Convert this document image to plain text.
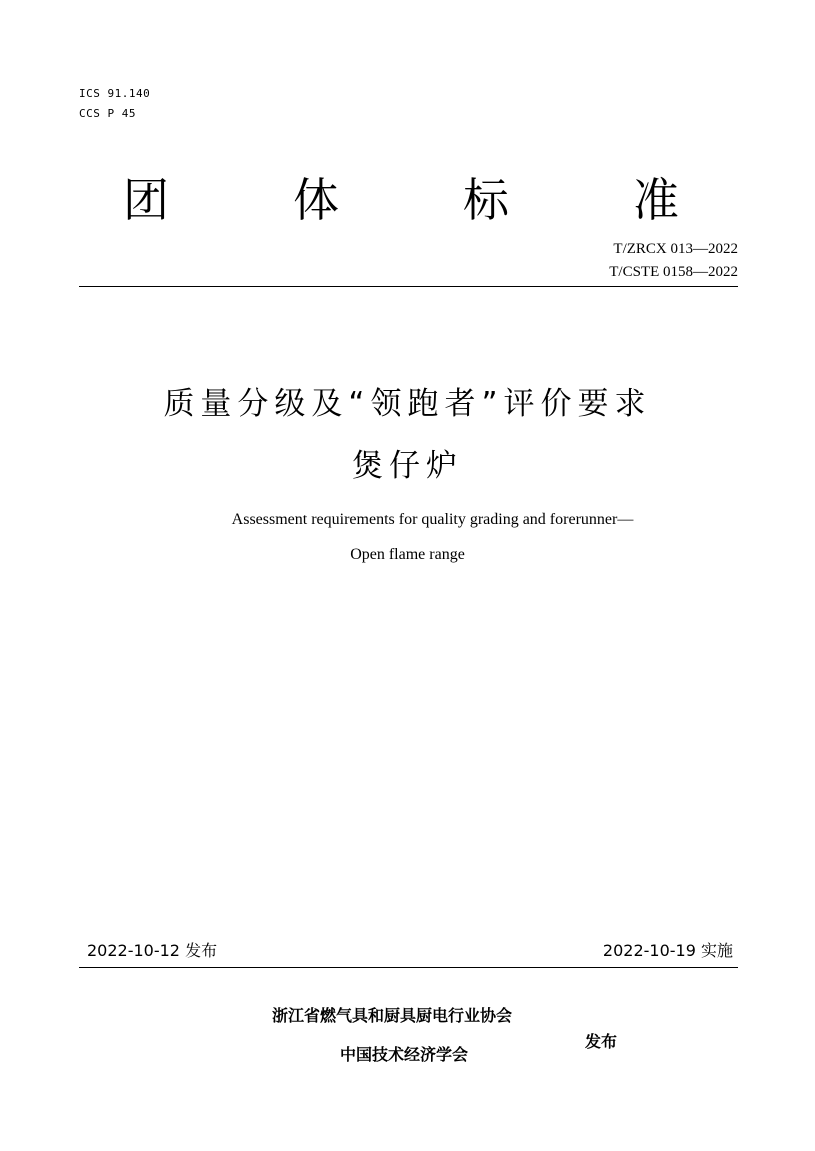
ICS 91.140
CCS P 45
团	体	标	准
T/ZRCX 013—2022
T/CSTE 0158—2022
质量分级及“领跑者”评价要求
煲仔炉
Assessment requirements for quality grading and forerunner—
Open flame range
2022-10-12 发布	2022-10-19 实施
浙江省燃气具和厨具厨电行业协会
中国技术经济学会
发布
